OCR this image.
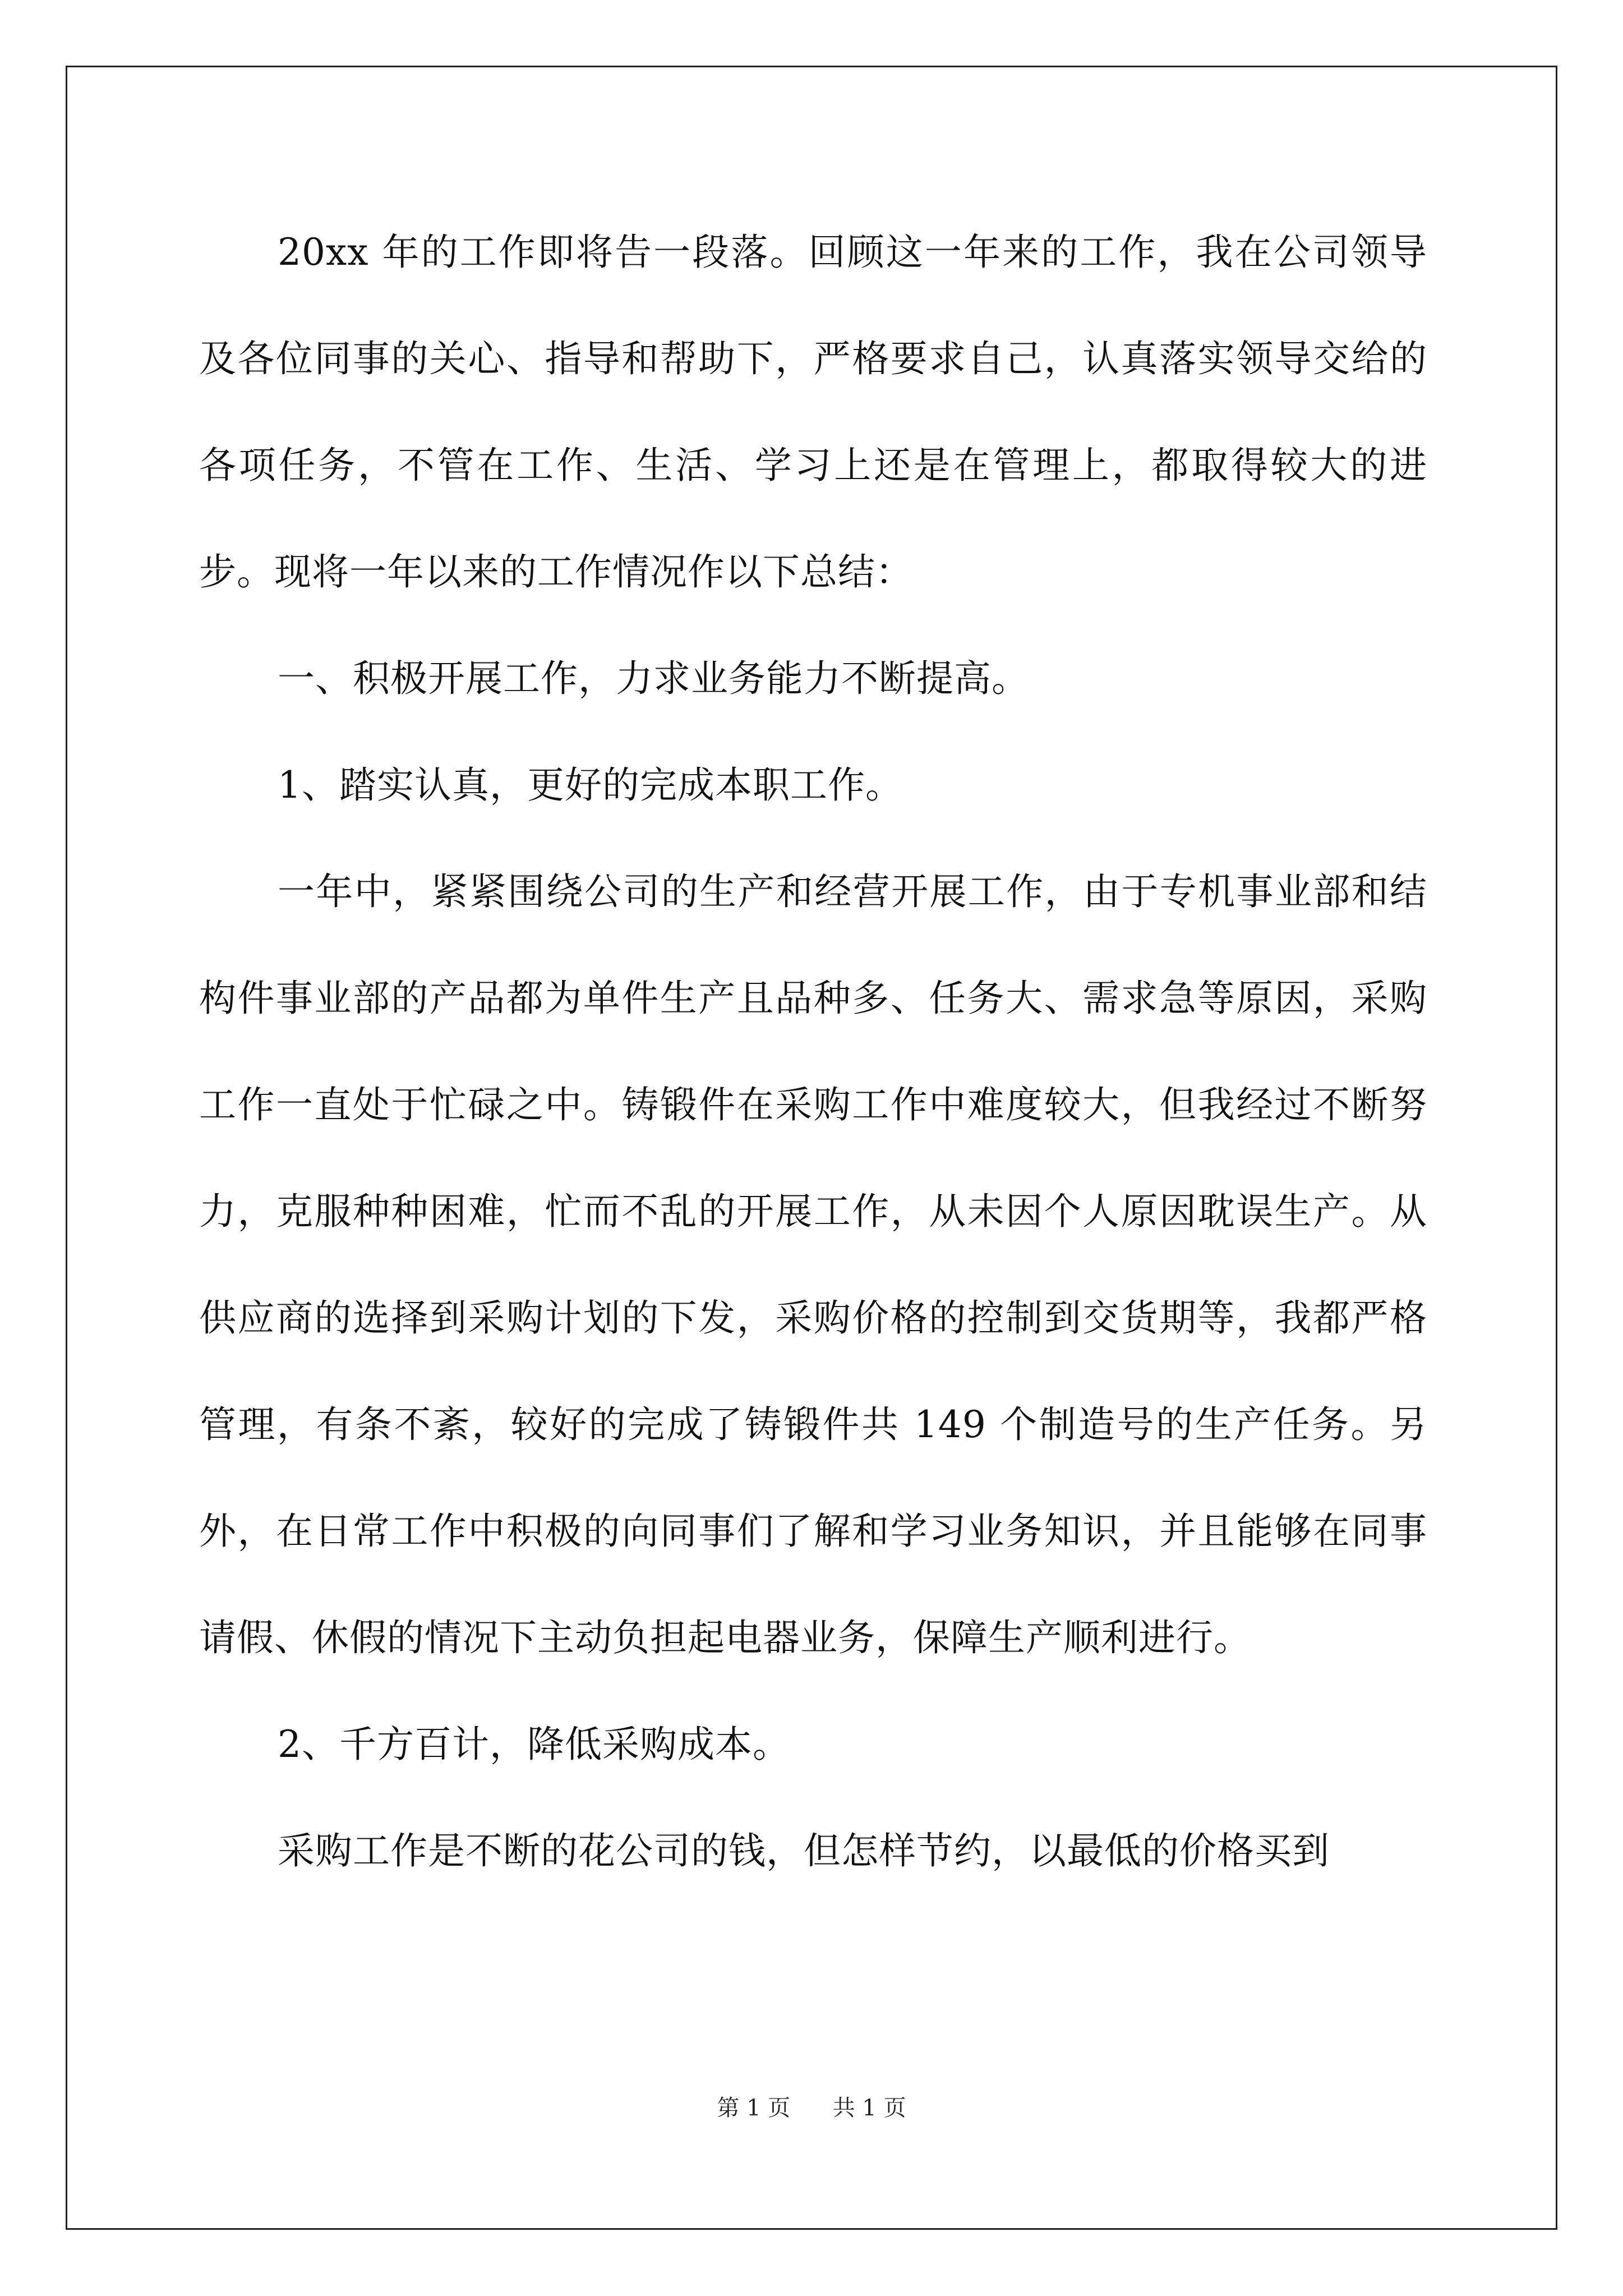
20xx 年的工作即将告一段落。回顾这一年来的工作，我在公司领导及各位同事的关心、指导和帮助下，严格要求自己，认真落实领导交给的各项任务，不管在工作、生活、学习上还是在管理上，都取得较大的进步。现将一年以来的工作情况作以下总结：

一、积极开展工作，力求业务能力不断提高。

1、踏实认真，更好的完成本职工作。

一年中，紧紧围绕公司的生产和经营开展工作，由于专机事业部和结构件事业部的产品都为单件生产且品种多、任务大、需求急等原因，采购工作一直处于忙碌之中。铸锻件在采购工作中难度较大，但我经过不断努力，克服种种困难，忙而不乱的开展工作，从未因个人原因耽误生产。从供应商的选择到采购计划的下发，采购价格的控制到交货期等，我都严格管理，有条不紊，较好的完成了铸锻件共 149 个制造号的生产任务。另外，在日常工作中积极的向同事们了解和学习业务知识，并且能够在同事请假、休假的情况下主动负担起电器业务，保障生产顺利进行。

2、千方百计，降低采购成本。

采购工作是不断的花公司的钱，但怎样节约，以最低的价格买到

第 1 页 共 1 页
